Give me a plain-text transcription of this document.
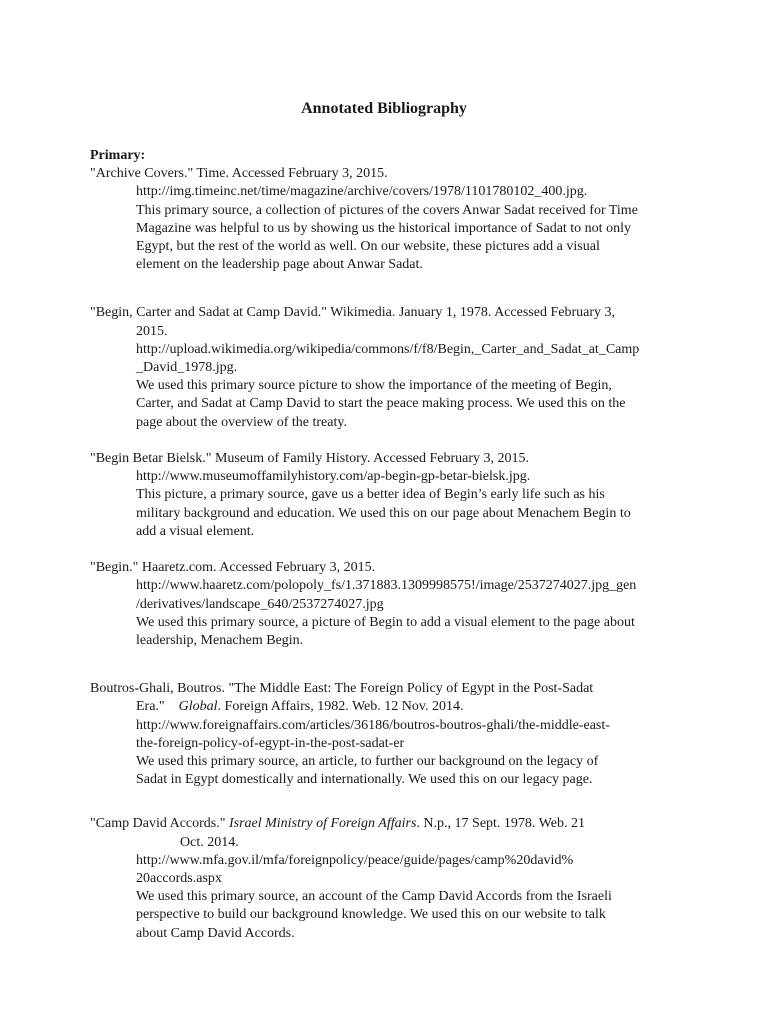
Annotated Bibliography
Primary:
"Archive Covers." Time. Accessed February 3, 2015.
http://img.timeinc.net/time/magazine/archive/covers/1978/1101780102_400.jpg.
This primary source, a collection of pictures of the covers Anwar Sadat received for Time
Magazine was helpful to us by showing us the historical importance of Sadat to not only
Egypt, but the rest of the world as well. On our website, these pictures add a visual
element on the leadership page about Anwar Sadat.
"Begin, Carter and Sadat at Camp David." Wikimedia. January 1, 1978. Accessed February 3,
2015.
http://upload.wikimedia.org/wikipedia/commons/f/f8/Begin,_Carter_and_Sadat_at_Camp
_David_1978.jpg.
We used this primary source picture to show the importance of the meeting of Begin,
Carter, and Sadat at Camp David to start the peace making process. We used this on the
page about the overview of the treaty.
"Begin Betar Bielsk." Museum of Family History. Accessed February 3, 2015.
http://www.museumoffamilyhistory.com/ap-begin-gp-betar-bielsk.jpg.
This picture, a primary source, gave us a better idea of Begin’s early life such as his
military background and education. We used this on our page about Menachem Begin to
add a visual element.
"Begin." Haaretz.com. Accessed February 3, 2015.
http://www.haaretz.com/polopoly_fs/1.371883.1309998575!/image/2537274027.jpg_gen
/derivatives/landscape_640/2537274027.jpg
We used this primary source, a picture of Begin to add a visual element to the page about
leadership, Menachem Begin.
Boutros-Ghali, Boutros. "The Middle East: The Foreign Policy of Egypt in the Post-Sadat
Era." Global. Foreign Affairs, 1982. Web. 12 Nov. 2014.
http://www.foreignaffairs.com/articles/36186/boutros-boutros-ghali/the-middle-east-
the-foreign-policy-of-egypt-in-the-post-sadat-er
We used this primary source, an article, to further our background on the legacy of
Sadat in Egypt domestically and internationally. We used this on our legacy page.
"Camp David Accords." Israel Ministry of Foreign Affairs. N.p., 17 Sept. 1978. Web. 21
Oct. 2014.
http://www.mfa.gov.il/mfa/foreignpolicy/peace/guide/pages/camp%20david%
20accords.aspx
We used this primary source, an account of the Camp David Accords from the Israeli
perspective to build our background knowledge. We used this on our website to talk
about Camp David Accords.
